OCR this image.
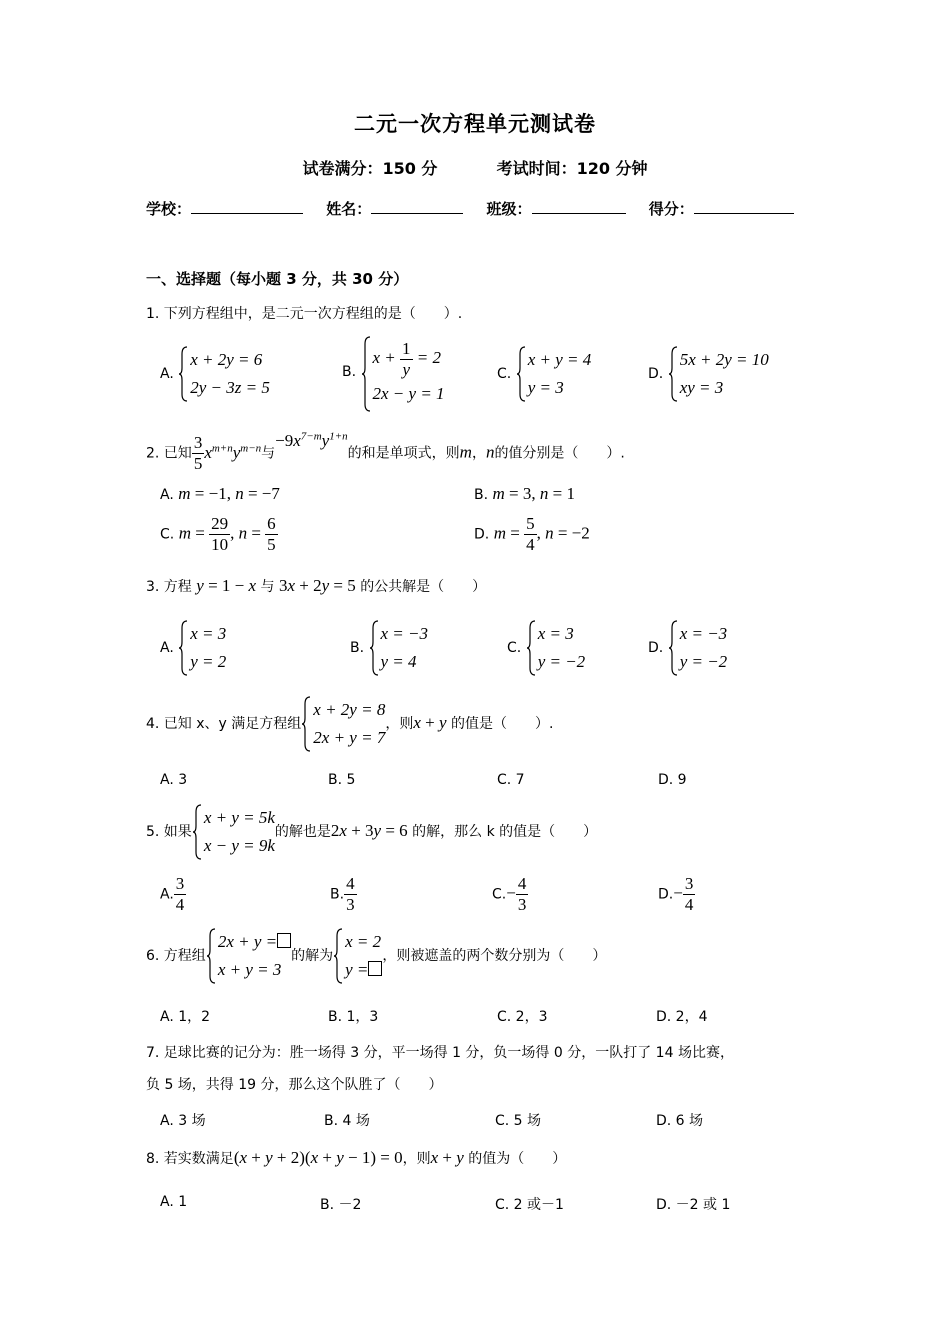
二元一次方程单元测试卷
试卷满分：150 分	考试时间：120 分钟
学校：	姓名：	班级：	得分：
一、选择题（每小题 3 分，共 30 分）
1. 下列方程组中，是二元一次方程组的是（　　）.
A.
x + 2y = 6
2y − 3z = 5
B.
$x + \frac{1}{y} = 2$
2x − y = 1
C.
x + y = 4
y = 3
D.
5x + 2y = 10
xy = 3
2. 已知 $\frac{3}{5} x^{m+n}y^{m-n}$与$-9x^{7-m}y^{1+n}$的和是单项式，则m，n的值分别是（　　）.
A. m = −1, n = −7	B. m = 3, n = 1
C. $m = \frac{29}{10}$ , $n = \frac{6}{5}$	D. $m = \frac{5}{4}$ , n = −2
3. 方程 y = 1 − x 与 3x + 2y = 5 的公共解是（　　）
A.
x = 3
y = 2
B.
x = −3
y = 4
C.
x = 3
y = −2
D.
x = −3
y = −2
4. 已知 x、y 满足方程组
x + 2y = 8
2x + y = 7
，则x + y 的值是（　　）.
A. 3	B. 5	C. 7	D. 9
5. 如果
x + y = 5k
x − y = 9k
的解也是2x + 3y = 6 的解，那么 k 的值是（　　）
A. $\frac{3}{4}$	B. $\frac{4}{3}$	$C.- \frac{4}{3}$	$D.- \frac{3}{4}$
6. 方程组
2x + y =
x + y = 3
的解为
x = 2
y =
，则被遮盖的两个数分别为（　　）
A. 1，2	B. 1，3	C. 2，3	D. 2，4
7. 足球比赛的记分为：胜一场得 3 分，平一场得 1 分，负一场得 0 分，一队打了 14 场比赛，
负 5 场，共得 19 分，那么这个队胜了（　　）
A. 3 场	B. 4 场	C. 5 场	D. 6 场
8. 若实数满足(x + y + 2)(x + y − 1) = 0，则x + y 的值为（　　）
A. 1	B. －2	C. 2 或－1	D. －2 或 1
